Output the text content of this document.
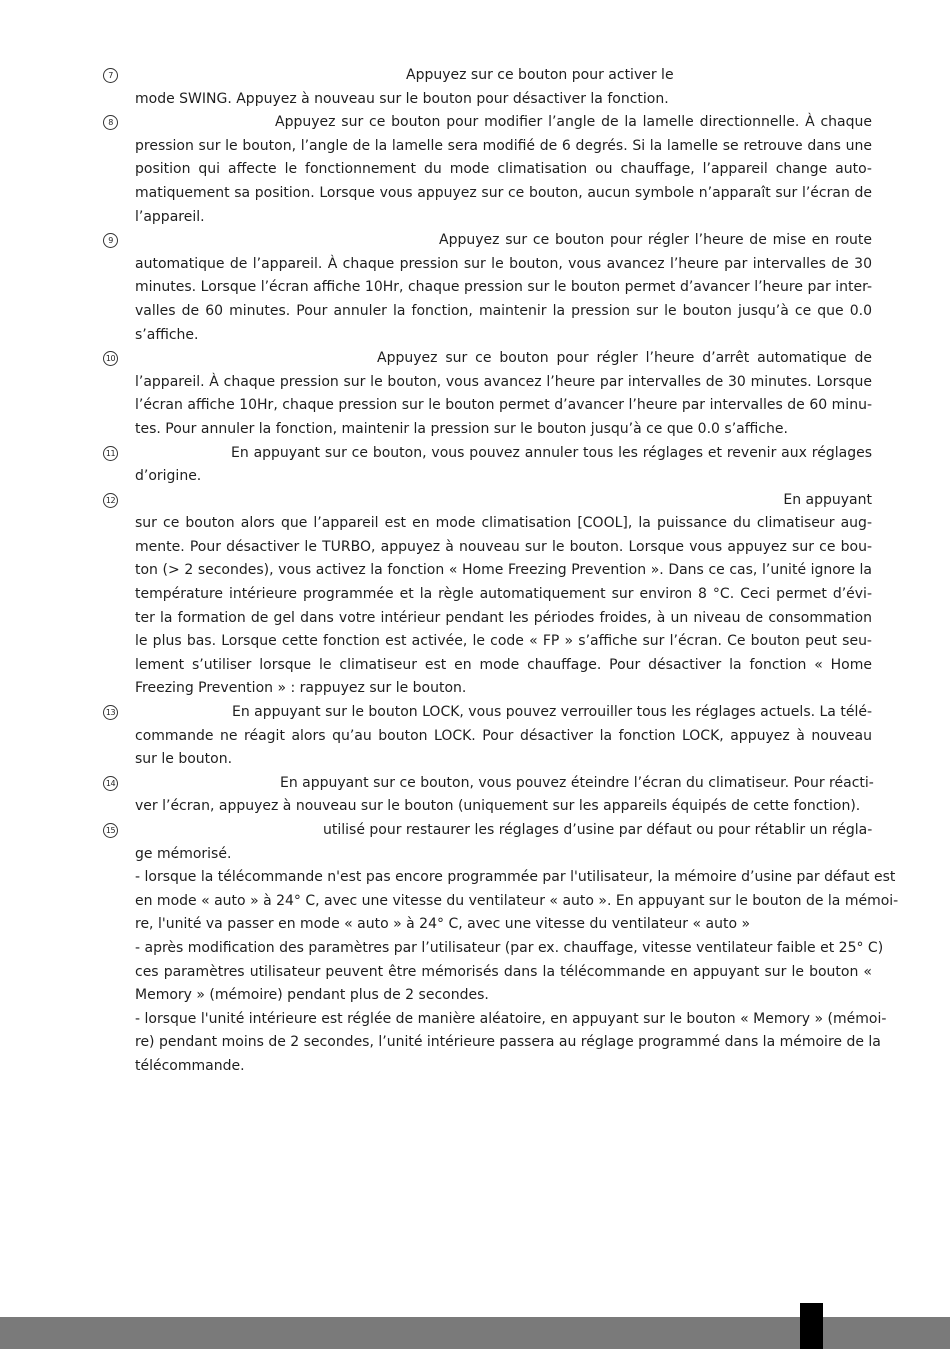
7	Appuyez sur ce bouton pour activer le
mode SWING. Appuyez à nouveau sur le bouton pour désactiver la fonction.
8	Appuyez sur ce bouton pour modifier l’angle de la lamelle directionnelle. À chaque
pression sur le bouton, l’angle de la lamelle sera modifié de 6 degrés. Si la lamelle se retrouve dans une
position qui affecte le fonctionnement du mode climatisation ou chauffage, l’appareil change auto-
matiquement sa position. Lorsque vous appuyez sur ce bouton, aucun symbole n’apparaît sur l’écran de
l’appareil.
9	Appuyez sur ce bouton pour régler l’heure de mise en route
automatique de l’appareil. À chaque pression sur le bouton, vous avancez l’heure par intervalles de 30
minutes. Lorsque l’écran affiche 10Hr, chaque pression sur le bouton permet d’avancer l’heure par inter-
valles de 60 minutes. Pour annuler la fonction, maintenir la pression sur le bouton jusqu’à ce que 0.0
s’affiche.
10	Appuyez sur ce bouton pour régler l’heure d’arrêt automatique de
l’appareil. À chaque pression sur le bouton, vous avancez l’heure par intervalles de 30 minutes. Lorsque
l’écran affiche 10Hr, chaque pression sur le bouton permet d’avancer l’heure par intervalles de 60 minu-
tes. Pour annuler la fonction, maintenir la pression sur le bouton jusqu’à ce que 0.0 s’affiche.
11	En appuyant sur ce bouton, vous pouvez annuler tous les réglages et revenir aux réglages
d’origine.
12	En appuyant
sur ce bouton alors que l’appareil est en mode climatisation [COOL], la puissance du climatiseur aug-
mente. Pour désactiver le TURBO, appuyez à nouveau sur le bouton. Lorsque vous appuyez sur ce bou-
ton (> 2 secondes), vous activez la fonction « Home Freezing Prevention ». Dans ce cas, l’unité ignore la
température intérieure programmée et la règle automatiquement sur environ 8 °C. Ceci permet d’évi-
ter la formation de gel dans votre intérieur pendant les périodes froides, à un niveau de consommation
le plus bas. Lorsque cette fonction est activée, le code « FP » s’affiche sur l’écran. Ce bouton peut seu-
lement s’utiliser lorsque le climatiseur est en mode chauffage. Pour désactiver la fonction « Home
Freezing Prevention » : rappuyez sur le bouton.
13	En appuyant sur le bouton LOCK, vous pouvez verrouiller tous les réglages actuels. La télé-
commande ne réagit alors qu’au bouton LOCK. Pour désactiver la fonction LOCK, appuyez à nouveau
sur le bouton.
14	En appuyant sur ce bouton, vous pouvez éteindre l’écran du climatiseur. Pour réacti-
ver l’écran, appuyez à nouveau sur le bouton (uniquement sur les appareils équipés de cette fonction).
15	utilisé pour restaurer les réglages d’usine par défaut ou pour rétablir un régla-
ge mémorisé.
- lorsque la télécommande n'est pas encore programmée par l'utilisateur, la mémoire d’usine par défaut est
en mode « auto » à 24° C, avec une vitesse du ventilateur « auto ». En appuyant sur le bouton de la mémoi-
re, l'unité va passer en mode « auto » à 24° C, avec une vitesse du ventilateur « auto »
- après modification des paramètres par l’utilisateur (par ex. chauffage, vitesse ventilateur faible et 25° C)
ces paramètres utilisateur peuvent être mémorisés dans la télécommande en appuyant sur le bouton «
Memory » (mémoire) pendant plus de 2 secondes.
- lorsque l'unité intérieure est réglée de manière aléatoire, en appuyant sur le bouton « Memory » (mémoi-
re) pendant moins de 2 secondes, l’unité intérieure passera au réglage programmé dans la mémoire de la
télécommande.
